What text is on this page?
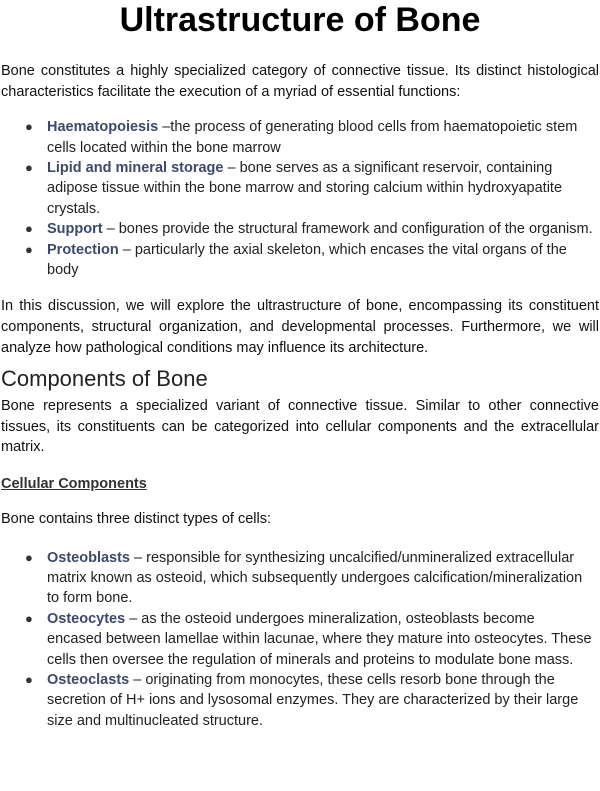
Ultrastructure of Bone

Bone constitutes a highly specialized category of connective tissue. Its distinct histological characteristics facilitate the execution of a myriad of essential functions:

● Haematopoiesis –the process of generating blood cells from haematopoietic stem cells located within the bone marrow
● Lipid and mineral storage – bone serves as a significant reservoir, containing adipose tissue within the bone marrow and storing calcium within hydroxyapatite crystals.
● Support – bones provide the structural framework and configuration of the organism.
● Protection – particularly the axial skeleton, which encases the vital organs of the body

In this discussion, we will explore the ultrastructure of bone, encompassing its constituent components, structural organization, and developmental processes. Furthermore, we will analyze how pathological conditions may influence its architecture.

Components of Bone

Bone represents a specialized variant of connective tissue. Similar to other connective tissues, its constituents can be categorized into cellular components and the extracellular matrix.

Cellular Components

Bone contains three distinct types of cells:

● Osteoblasts – responsible for synthesizing uncalcified/unmineralized extracellular matrix known as osteoid, which subsequently undergoes calcification/mineralization to form bone.
● Osteocytes – as the osteoid undergoes mineralization, osteoblasts become encased between lamellae within lacunae, where they mature into osteocytes. These cells then oversee the regulation of minerals and proteins to modulate bone mass.
● Osteoclasts – originating from monocytes, these cells resorb bone through the secretion of H+ ions and lysosomal enzymes. They are characterized by their large size and multinucleated structure.
